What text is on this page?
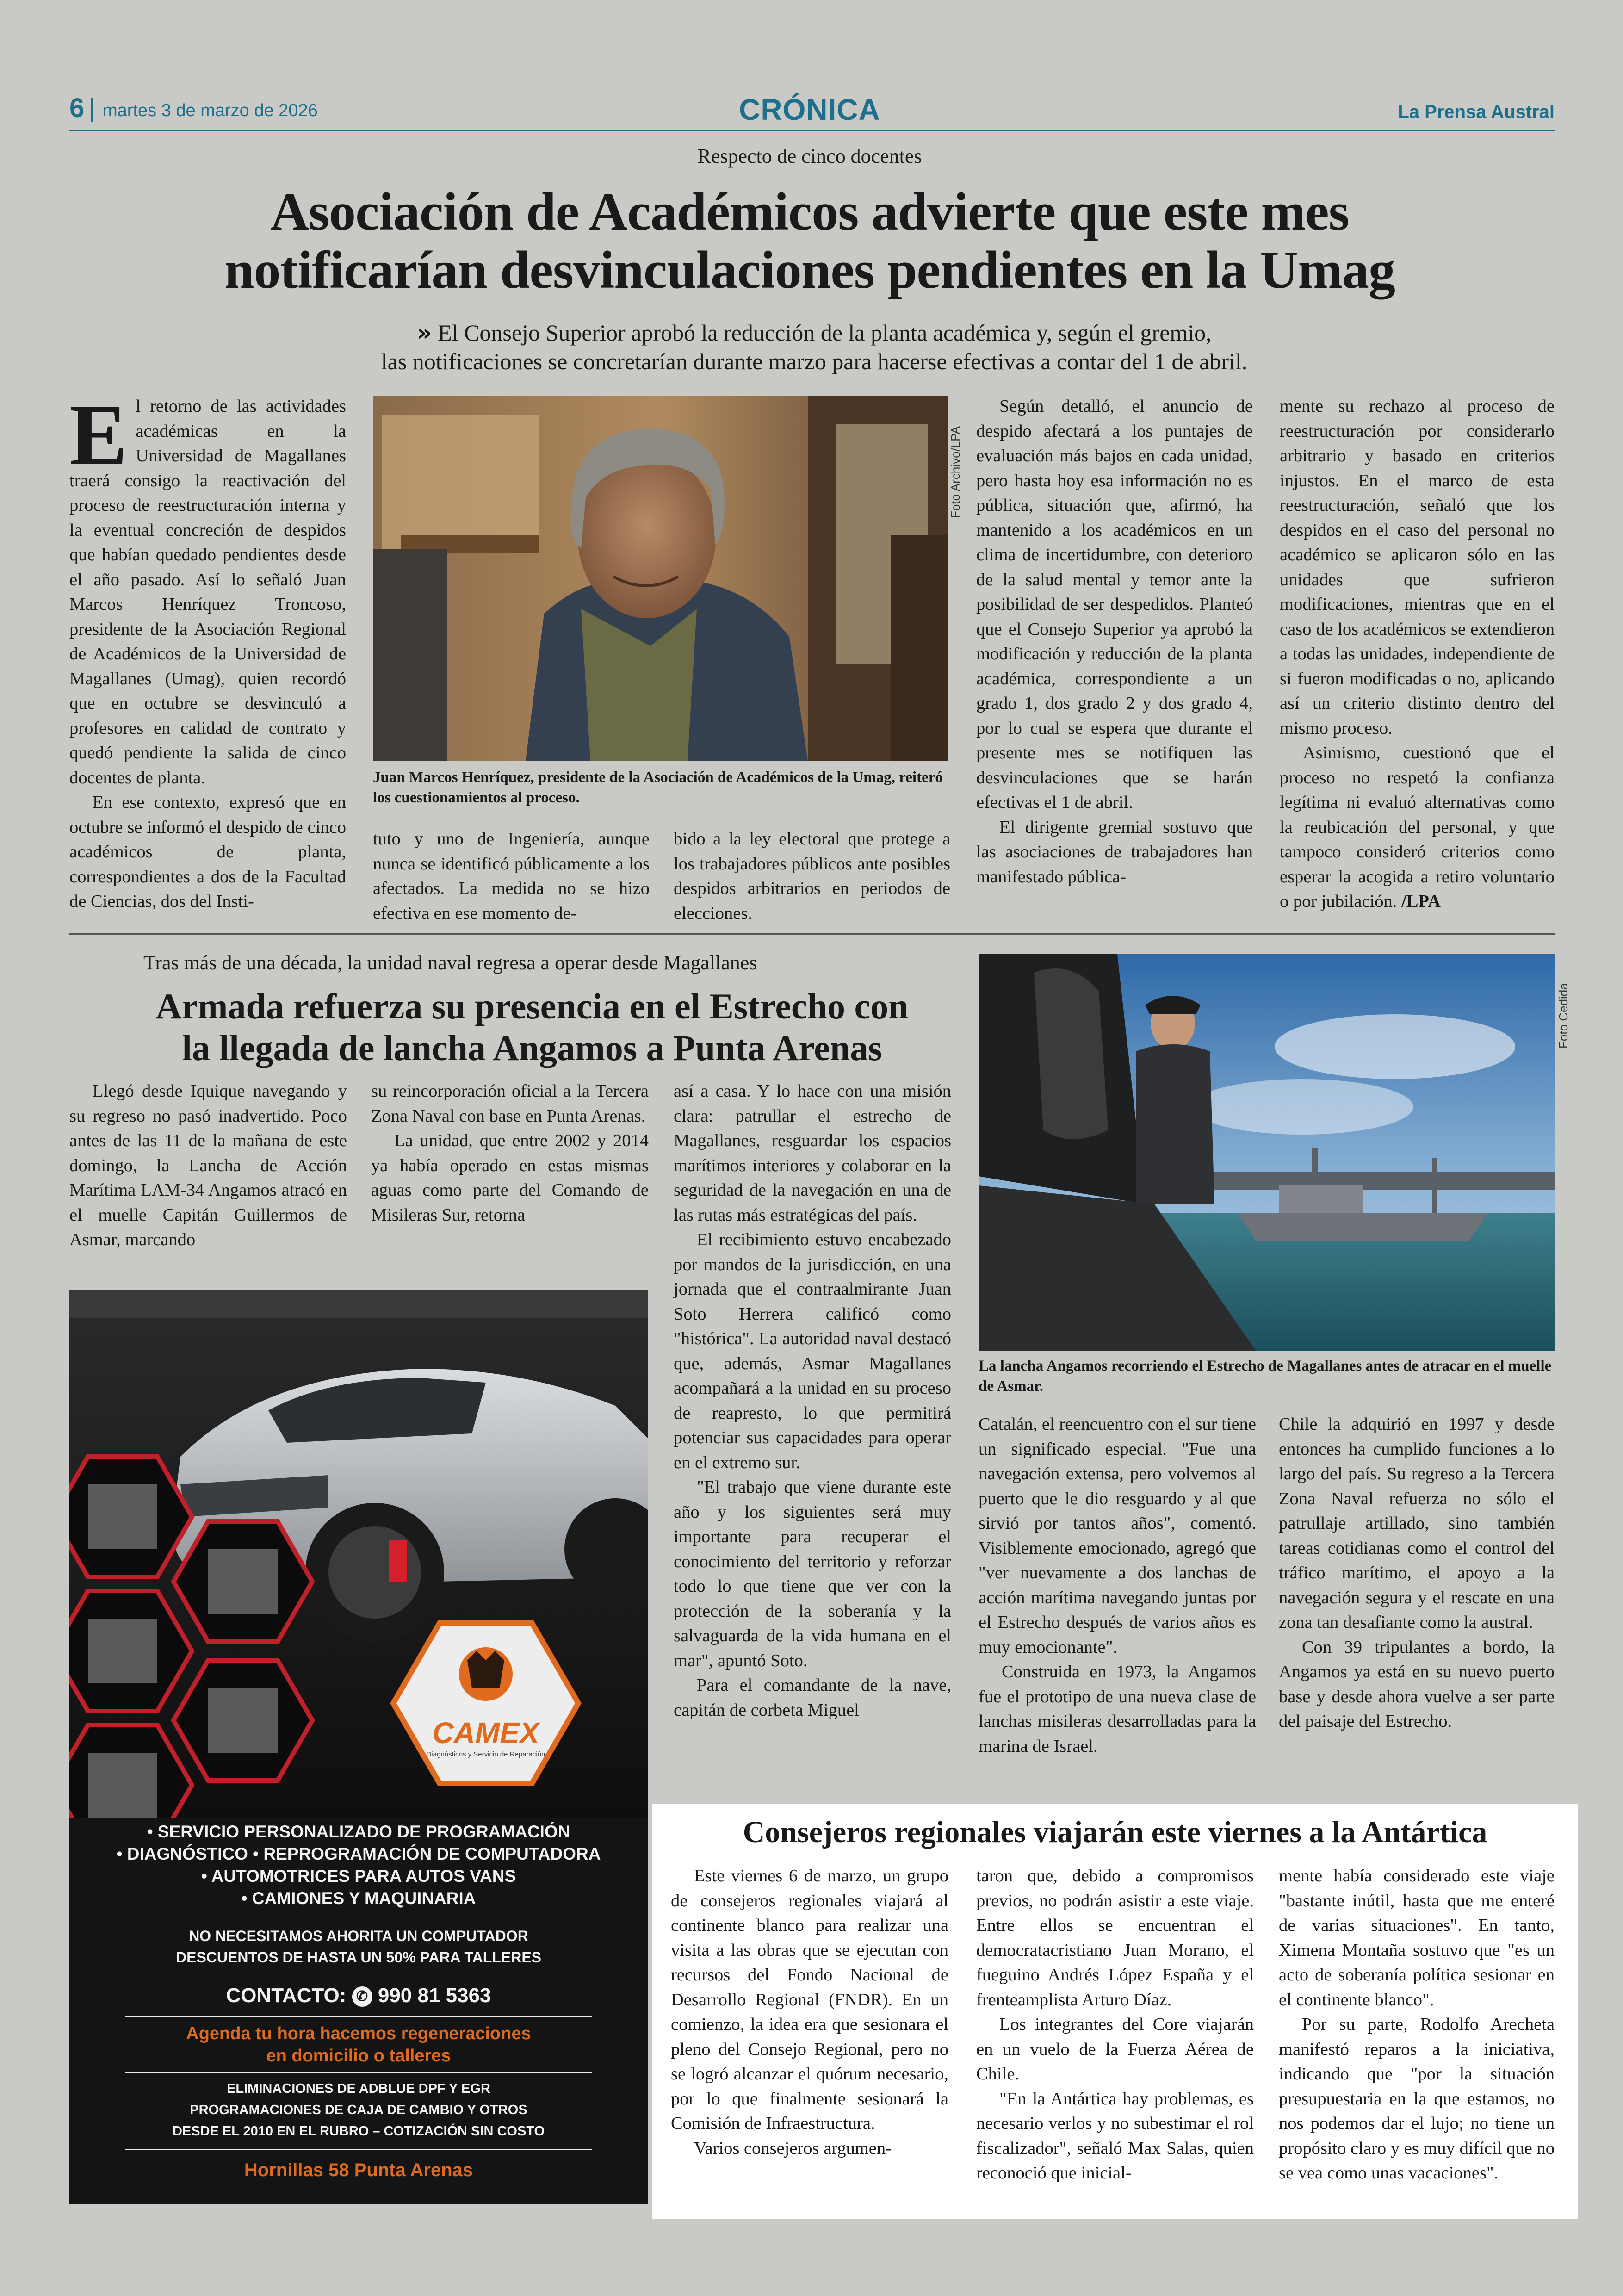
6 martes 3 de marzo de 2026	CRÓNICA	La Prensa Austral
Respecto de cinco docentes
Asociación de Académicos advierte que este mes
notificarían desvinculaciones pendientes en la Umag
» El Consejo Superior aprobó la reducción de la planta académica y, según el gremio,
las notificaciones se concretarían durante marzo para hacerse efectivas a contar del 1 de abril.
E l retorno de las actividades académicas en la Universidad de Magallanes traerá consigo la reactivación del proceso de reestructuración interna y la eventual concreción de despidos que habían quedado pendientes desde el año pasado. Así lo señaló Juan Marcos Henríquez Troncoso, presidente de la Asociación Regional de Académicos de la Universidad de Magallanes (Umag), quien recordó que en octubre se desvinculó a profesores en calidad de contrato y quedó pendiente la salida de cinco docentes de planta.

En ese contexto, expresó que en octubre se informó el despido de cinco académicos de planta, correspondientes a dos de la Facultad de Ciencias, dos del Insti-

Foto Archivo/LPA
Juan Marcos Henríquez, presidente de la Asociación de Académicos de la Umag, reiteró los cuestionamientos al proceso.

tuto y uno de Ingeniería, aunque nunca se identificó públicamente a los afectados. La medida no se hizo efectiva en ese momento de-

bido a la ley electoral que protege a los trabajadores públicos ante posibles despidos arbitrarios en periodos de elecciones.

Según detalló, el anuncio de despido afectará a los puntajes de evaluación más bajos en cada unidad, pero hasta hoy esa información no es pública, situación que, afirmó, ha mantenido a los académicos en un clima de incertidumbre, con deterioro de la salud mental y temor ante la posibilidad de ser despedidos. Planteó que el Consejo Superior ya aprobó la modificación y reducción de la planta académica, correspondiente a un grado 1, dos grado 2 y dos grado 4, por lo cual se espera que durante el presente mes se notifiquen las desvinculaciones que se harán efectivas el 1 de abril.

El dirigente gremial sostuvo que las asociaciones de trabajadores han manifestado pública-

mente su rechazo al proceso de reestructuración por considerarlo arbitrario y basado en criterios injustos. En el marco de esta reestructuración, señaló que los despidos en el caso del personal no académico se aplicaron sólo en las unidades que sufrieron modificaciones, mientras que en el caso de los académicos se extendieron a todas las unidades, independiente de si fueron modificadas o no, aplicando así un criterio distinto dentro del mismo proceso.

Asimismo, cuestionó que el proceso no respetó la confianza legítima ni evaluó alternativas como la reubicación del personal, y que tampoco consideró criterios como esperar la acogida a retiro voluntario o por jubilación. /LPA

Tras más de una década, la unidad naval regresa a operar desde Magallanes
Armada refuerza su presencia en el Estrecho con
la llegada de lancha Angamos a Punta Arenas

Llegó desde Iquique navegando y su regreso no pasó inadvertido. Poco antes de las 11 de la mañana de este domingo, la Lancha de Acción Marítima LAM-34 Angamos atracó en el muelle Capitán Guillermos de Asmar, marcando

su reincorporación oficial a la Tercera Zona Naval con base en Punta Arenas.

La unidad, que entre 2002 y 2014 ya había operado en estas mismas aguas como parte del Comando de Misileras Sur, retorna

así a casa. Y lo hace con una misión clara: patrullar el estrecho de Magallanes, resguardar los espacios marítimos interiores y colaborar en la seguridad de la navegación en una de las rutas más estratégicas del país.

El recibimiento estuvo encabezado por mandos de la jurisdicción, en una jornada que el contraalmirante Juan Soto Herrera calificó como "histórica". La autoridad naval destacó que, además, Asmar Magallanes acompañará a la unidad en su proceso de reapresto, lo que permitirá potenciar sus capacidades para operar en el extremo sur.

"El trabajo que viene durante este año y los siguientes será muy importante para recuperar el conocimiento del territorio y reforzar todo lo que tiene que ver con la protección de la soberanía y la salvaguarda de la vida humana en el mar", apuntó Soto.

Para el comandante de la nave, capitán de corbeta Miguel

Foto Cedida
La lancha Angamos recorriendo el Estrecho de Magallanes antes de atracar en el muelle de Asmar.

Catalán, el reencuentro con el sur tiene un significado especial. "Fue una navegación extensa, pero volvemos al puerto que le dio resguardo y al que sirvió por tantos años", comentó. Visiblemente emocionado, agregó que "ver nuevamente a dos lanchas de acción marítima navegando juntas por el Estrecho después de varios años es muy emocionante".

Construida en 1973, la Angamos fue el prototipo de una nueva clase de lanchas misileras desarrolladas para la marina de Israel.

Chile la adquirió en 1997 y desde entonces ha cumplido funciones a lo largo del país. Su regreso a la Tercera Zona Naval refuerza no sólo el patrullaje artillado, sino también tareas cotidianas como el control del tráfico marítimo, el apoyo a la navegación segura y el rescate en una zona tan desafiante como la austral.

Con 39 tripulantes a bordo, la Angamos ya está en su nuevo puerto base y desde ahora vuelve a ser parte del paisaje del Estrecho.

CAMEX
Diagnósticos y Servicio de Reparación
• SERVICIO PERSONALIZADO DE PROGRAMACIÓN
• DIAGNÓSTICO • REPROGRAMACIÓN DE COMPUTADORA
• AUTOMOTRICES PARA AUTOS VANS
• CAMIONES Y MAQUINARIA
NO NECESITAMOS AHORITA UN COMPUTADOR
DESCUENTOS DE HASTA UN 50% PARA TALLERES
CONTACTO: ✆ 990 81 5363
Agenda tu hora hacemos regeneraciones
en domicilio o talleres
ELIMINACIONES DE ADBLUE DPF Y EGR
PROGRAMACIONES DE CAJA DE CAMBIO Y OTROS
DESDE EL 2010 EN EL RUBRO – COTIZACIÓN SIN COSTO
Hornillas 58 Punta Arenas
Consejeros regionales viajarán este viernes a la Antártica

Este viernes 6 de marzo, un grupo de consejeros regionales viajará al continente blanco para realizar una visita a las obras que se ejecutan con recursos del Fondo Nacional de Desarrollo Regional (FNDR). En un comienzo, la idea era que sesionara el pleno del Consejo Regional, pero no se logró alcanzar el quórum necesario, por lo que finalmente sesionará la Comisión de Infraestructura.

Varios consejeros argumen-

taron que, debido a compromisos previos, no podrán asistir a este viaje. Entre ellos se encuentran el democratacristiano Juan Morano, el fueguino Andrés López España y el frenteamplista Arturo Díaz.

Los integrantes del Core viajarán en un vuelo de la Fuerza Aérea de Chile.

"En la Antártica hay problemas, es necesario verlos y no subestimar el rol fiscalizador", señaló Max Salas, quien reconoció que inicial-

mente había considerado este viaje "bastante inútil, hasta que me enteré de varias situaciones". En tanto, Ximena Montaña sostuvo que "es un acto de soberanía política sesionar en el continente blanco".

Por su parte, Rodolfo Arecheta manifestó reparos a la iniciativa, indicando que "por la situación presupuestaria en la que estamos, no nos podemos dar el lujo; no tiene un propósito claro y es muy difícil que no se vea como unas vacaciones".
